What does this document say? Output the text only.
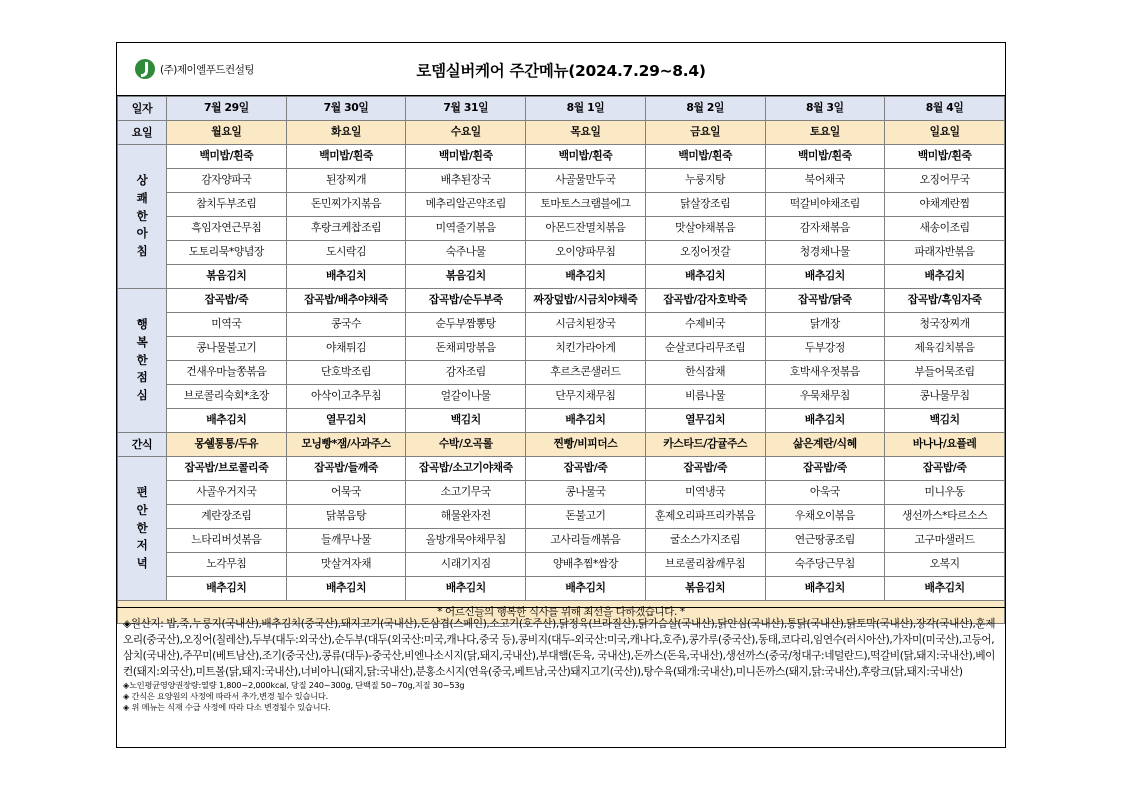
(주)제이엘푸드컨설팅	로뎀실버케어 주간메뉴(2024.7.29~8.4)
일자	7월 29일	7월 30일	7월 31일	8월 1일	8월 2일	8월 3일	8월 4일
요일	월요일	화요일	수요일	목요일	금요일	토요일	일요일

상
쾌
한
아
침	백미밥/흰죽	백미밥/흰죽	백미밥/흰죽	백미밥/흰죽	백미밥/흰죽	백미밥/흰죽	백미밥/흰죽
	감자양파국	된장찌개	배추된장국	사골물만두국	누룽지탕	북어채국	오징어무국
	참치두부조림	돈민찌가지볶음	메추리알곤약조림	토마토스크램블에그	닭살장조림	떡갈비야채조림	야채계란찜
	흑임자연근무침	후랑크케찹조림	미역줄기볶음	아몬드잔멸치볶음	맛살야채볶음	감자채볶음	새송이조림
	도토리묵*양념장	도시락김	숙주나물	오이양파무침	오징어젓갈	청경채나물	파래자반볶음
	볶음김치	배추김치	볶음김치	배추김치	배추김치	배추김치	배추김치

행
복
한
점
심	잡곡밥/죽	잡곡밥/배추야채죽	잡곡밥/순두부죽	짜장덮밥/시금치야채죽	잡곡밥/감자호박죽	잡곡밥/닭죽	잡곡밥/흑임자죽
	미역국	콩국수	순두부짬뽕탕	시금치된장국	수제비국	닭개장	청국장찌개
	콩나물불고기	야채튀김	돈채피망볶음	치킨가라아게	순살코다리무조림	두부강정	제육김치볶음
	건새우마늘쫑볶음	단호박조림	감자조림	후르츠콘샐러드	한식잡채	호박새우젓볶음	부들어묵조림
	브로콜리숙회*초장	아삭이고추무침	얼갈이나물	단무지채무침	비름나물	우묵채무침	콩나물무침
	배추김치	열무김치	백김치	배추김치	열무김치	배추김치	백김치
간식	몽쉘통통/두유	모닝빵*잼/사과주스	수박/오곡롤	찐빵/비피더스	카스타드/감귤주스	삶은계란/식혜	바나나/요플레

편
안
한
저
녁	잡곡밥/브로콜리죽	잡곡밥/들깨죽	잡곡밥/소고기야채죽	잡곡밥/죽	잡곡밥/죽	잡곡밥/죽	잡곡밥/죽
	사골우거지국	어묵국	소고기무국	콩나물국	미역냉국	아욱국	미니우동
	계란장조림	닭볶음탕	해물완자전	돈불고기	훈제오리파프리카볶음	우채오이볶음	생선까스*타르소스
	느타리버섯볶음	들깨무나물	올방개묵야채무침	고사리들깨볶음	굴소스가지조림	연근땅콩조림	고구마샐러드
	노각무침	맛살겨자채	시래기지짐	양배추찜*쌈장	브로콜리참깨무침	숙주당근무침	오복지
	배추김치	배추김치	배추김치	배추김치	볶음김치	배추김치	배추김치
* 어르신들의 행복한 식사를 위해 최선을 다하겠습니다. *							

◈원산지: 밥,죽,누룽지(국내산),배추김치(중국산),돼지고기(국내산),돈삼겹(스페인),소고기(호주산),닭정육(브라질산),닭가슴살(국내산),닭안심(국내산),통닭(국내산),닭토막(국내산),장각(국내산),훈제오리(중국산),오징어(칠레산),두부(대두:외국산),순두부(대두(외국산:미국,캐나다,중국 등),콩비지(대두-외국산:미국,캐나다,호주),콩가루(중국산),동태,코다리,임연수(러시아산),가자미(미국산),고등어,삼치(국내산),주꾸미(베트남산),조기(중국산),콩류(대두)-중국산,비엔나소시지(닭,돼지,국내산),부대햄(돈육, 국내산),돈까스(돈육,국내산),생선까스(중국/청대구:네덜란드),떡갈비(닭,돼지:국내산),베이컨(돼지:외국산),미트볼(닭,돼지:국내산),너비아니(돼지,닭:국내산),분홍소시지(연육(중국,베트남,국산)돼지고기(국산)),탕수육(돼개:국내산),미니돈까스(돼지,닭:국내산),후랑크(닭,돼지:국내산)

◈노인평균영양권장량:열량 1,800~2,000kcal, 당질 240~300g, 단백질 50~70g,지질 30~53g

◈ 간식은 요양원의 사정에 따라서 추가,변경 될수 있습니다.

◈ 위 메뉴는 식재 수급 사정에 따라 다소 변경될수 있습니다.
